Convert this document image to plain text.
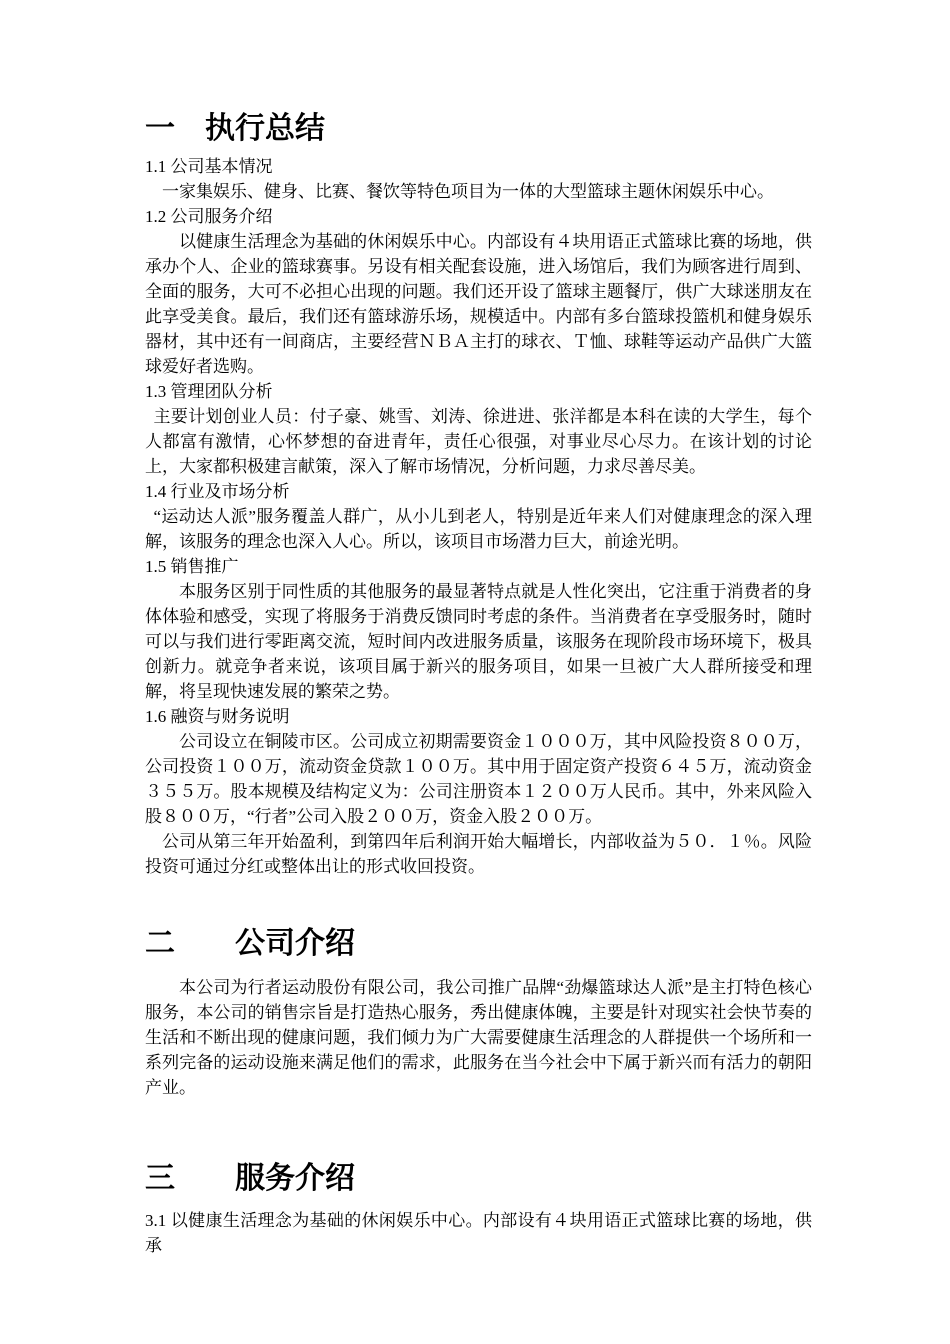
一　执行总结

1.1 公司基本情况

一家集娱乐、健身、比赛、餐饮等特色项目为一体的大型篮球主题休闲娱乐中心。

1.2 公司服务介绍

以健康生活理念为基础的休闲娱乐中心。内部设有４块用语正式篮球比赛的场地，供承办个人、企业的篮球赛事。另设有相关配套设施，进入场馆后，我们为顾客进行周到、全面的服务，大可不必担心出现的问题。我们还开设了篮球主题餐厅，供广大球迷朋友在此享受美食。最后，我们还有篮球游乐场，规模适中。内部有多台篮球投篮机和健身娱乐器材，其中还有一间商店，主要经营ＮＢＡ主打的球衣、Ｔ恤、球鞋等运动产品供广大篮球爱好者选购。

1.3 管理团队分析

主要计划创业人员：付子豪、姚雪、刘涛、徐进进、张洋都是本科在读的大学生，每个人都富有激情，心怀梦想的奋进青年，责任心很强，对事业尽心尽力。在该计划的讨论上，大家都积极建言献策，深入了解市场情况，分析问题，力求尽善尽美。

1.4 行业及市场分析

“运动达人派”服务覆盖人群广，从小儿到老人，特别是近年来人们对健康理念的深入理解，该服务的理念也深入人心。所以，该项目市场潜力巨大，前途光明。

1.5 销售推广

本服务区别于同性质的其他服务的最显著特点就是人性化突出，它注重于消费者的身体体验和感受，实现了将服务于消费反馈同时考虑的条件。当消费者在享受服务时，随时可以与我们进行零距离交流，短时间内改进服务质量，该服务在现阶段市场环境下，极具创新力。就竞争者来说，该项目属于新兴的服务项目，如果一旦被广大人群所接受和理解，将呈现快速发展的繁荣之势。

1.6 融资与财务说明

公司设立在铜陵市区。公司成立初期需要资金１０００万，其中风险投资８００万，公司投资１００万，流动资金贷款１００万。其中用于固定资产投资６４５万，流动资金３５５万。股本规模及结构定义为：公司注册资本１２００万人民币。其中，外来风险入股８００万，“行者”公司入股２００万，资金入股２００万。

公司从第三年开始盈利，到第四年后利润开始大幅增长，内部收益为５０．１％。风险投资可通过分红或整体出让的形式收回投资。

二　　公司介绍

本公司为行者运动股份有限公司，我公司推广品牌“劲爆篮球达人派”是主打特色核心服务，本公司的销售宗旨是打造热心服务，秀出健康体魄，主要是针对现实社会快节奏的生活和不断出现的健康问题，我们倾力为广大需要健康生活理念的人群提供一个场所和一系列完备的运动设施来满足他们的需求，此服务在当今社会中下属于新兴而有活力的朝阳产业。

三　　服务介绍

3.1 以健康生活理念为基础的休闲娱乐中心。内部设有４块用语正式篮球比赛的场地，供承
